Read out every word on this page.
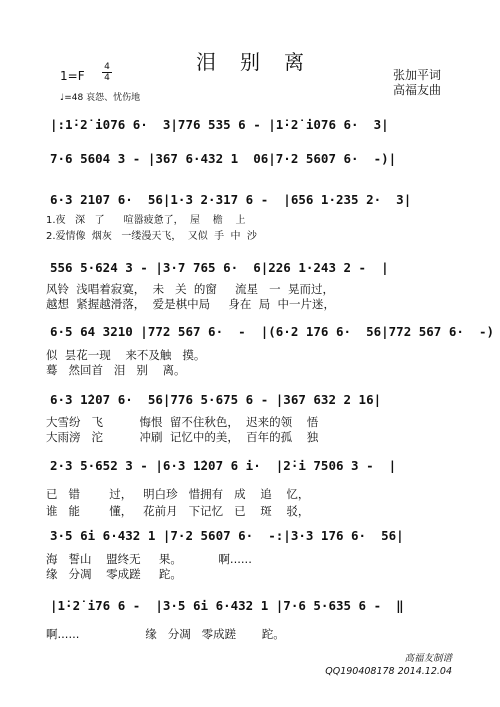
泪别离
张加平词
高福友曲
1=F
4
4
♩=48 哀怨、忧伤地
|:1̇·2̇ i076 6·  3|776 535 6 - |1̇·2̇ i076 6·  3|
7·6 5604 3 - |367 6·432 1  06|7·2 5607 6·  -)|
6·3 2107 6·  56|1·3 2·317 6 -  |656 1·235 2·  3|
1.夜   深   了      喧嚣疲惫了，  屋    檐    上
2.爱情像  烟灰   一缕漫天飞，  又似  手  中  沙
556 5·624 3 - |3·7 765 6·  6|226 1·243 2 -  |
风铃  浅唱着寂寞，  未   关  的窗     流星   一  晃而过，
越想  紧握越滑落，  爱是棋中局     身在  局  中一片迷，
6·5 64 3210 |772 567 6·  -  |(6·2 176 6·  56|772 567 6·  -)
似  昙花一现    来不及触   摸。
蓦   然回首   泪   别    离。
6·3 1̇207 6·  56|776 5·675 6 - |367 632 2 16|
大雪纷   飞          悔恨  留不住秋色，  迟来的领    悟
大雨滂   沱          冲刷  记忆中的美，  百年的孤    独
2·3 5·652 3 - |6·3 1̇207 6 i·  |2̇·i 7506 3 -  |
已   错        过，   明白珍   惜拥有   成    追    忆，
谁   能        懂，   花前月   下记忆   已    斑    驳，
3·5 6i 6·432 1 |7·2 5607 6·  -:|3·3 176 6·  56|
海   誓山    盟终无     果。          啊......
缘   分凋    零成蹉     跎。
|1̇·2̇ i76 6 -  |3·5 6i 6·432 1 |7·6 5·635 6 -  ‖
啊......                  缘   分凋   零成蹉       跎。
高福友制谱
QQ190408178 2014.12.04
